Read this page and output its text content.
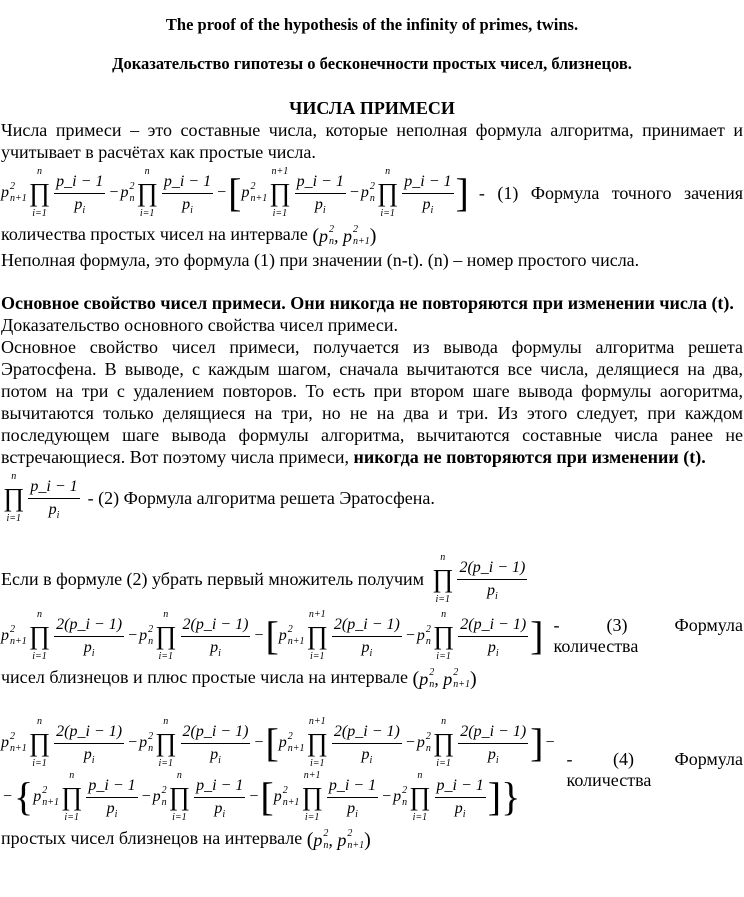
The proof of the hypothesis of the infinity of primes, twins.
Доказательство гипотезы о бесконечности простых чисел, близнецов.
ЧИСЛА ПРИМЕСИ

Числа примеси – это составные числа, которые неполная формула алгоритма, принимает и учитывает в расчётах как простые числа.

p 2
n+1
n
∏
$i=1 \frac{p\_i - 1}{p_i} - p$ 2
n
n
∏
$i=1 \frac{p\_i - 1}{p_i}$ − [ p 2
n+1
n+1
∏
$i=1 \frac{p\_i - 1}{p_i} - p$ 2
n
n
∏
$i=1 \frac{p\_i - 1}{p_i}$ ] - (1) Формула точного зачения

количества простых чисел на интервале ( p 2
n , p 2
n+1 )

Неполная формула, это формула (1) при значении (n-t). (n) – номер простого числа.

Основное свойство чисел примеси. Они никогда не повторяются при изменении числа (t).

Доказательство основного свойства чисел примеси.

Основное свойство чисел примеси, получается из вывода формулы алгоритма решета Эратосфена. В выводе, с каждым шагом, сначала вычитаются все числа, делящиеся на два, потом на три с удалением повторов. То есть при втором шаге вывода формулы аогоритма, вычитаются только делящиеся на три, но не на два и три. Из этого следует, при каждом последующем шаге вывода формулы алгоритма, вычитаются составные числа ранее не встречающиеся. Вот поэтому числа примеси, никогда не повторяются при изменении (t).

n
∏
$i=1 \frac{p\_i - 1}{p_i} - (2)$ Формула алгоритма решета Эратосфена.
Если в формуле (2) убрать первый множитель получим
n
∏
$i=1 \frac{2(p\_i - 1)}{p_i}$
p 2
n+1
n
∏
$i=1 \frac{2(p\_i - 1)}{p_i} - p$ 2
n
n
∏
$i=1 \frac{2(p\_i - 1)}{p_i}$ − [ p 2
n+1
n+1
∏
$i=1 \frac{2(p\_i - 1)}{p_i} - p$ 2
n
n
∏
$i=1 \frac{2(p\_i - 1)}{p_i}$ ] - (3) Формула количества

чисел близнецов и плюс простые числа на интервале ( p 2
n , p 2
n+1 )

p 2
n+1
n
∏
$i=1 \frac{2(p\_i - 1)}{p_i} - p$ 2
n
n
∏
$i=1 \frac{2(p\_i - 1)}{p_i}$ − [ p 2
n+1
n+1
∏
$i=1 \frac{2(p\_i - 1)}{p_i} - p$ 2
n
n
∏
$i=1 \frac{2(p\_i - 1)}{p_i}$ ] −
− { p 2
n+1
n
∏
$i=1 \frac{p\_i - 1}{p_i} - p$ 2
n
n
∏
$i=1 \frac{p\_i - 1}{p_i}$ − [ p 2
n+1
n+1
∏
$i=1 \frac{p\_i - 1}{p_i} - p$ 2
n
n
∏
$i=1 \frac{p\_i - 1}{p_i}$ ] }
- (4) Формула количества

простых чисел близнецов на интервале ( p 2
n , p 2
n+1 )
